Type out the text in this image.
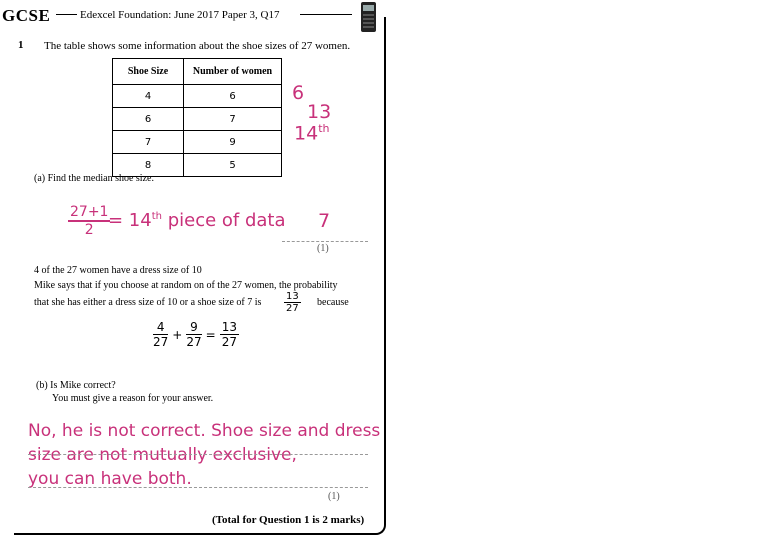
GCSE	Edexcel Foundation: June 2017 Paper 3, Q17
1 The table shows some information about the shoe sizes of 27 women.
Shoe Size	Number of women
4	6
6	7
7	9
8	5
6
13
14th
(a) Find the median shoe size.
27+1
2 = 14th piece of data 7
(1)
4 of the 27 women have a dress size of 10
Mike says that if you choose at random on of the 27 women, the probability
that she has either a dress size of 10 or a shoe size of 7 is
13
27
because
$\frac{4}{27} + \frac{9}{27} = \frac{13}{27}$
(b) Is Mike correct?
You must give a reason for your answer.
No, he is not correct. Shoe size and dress
size are not mutually exclusive,
you can have both.
(1)
(Total for Question 1 is 2 marks)
